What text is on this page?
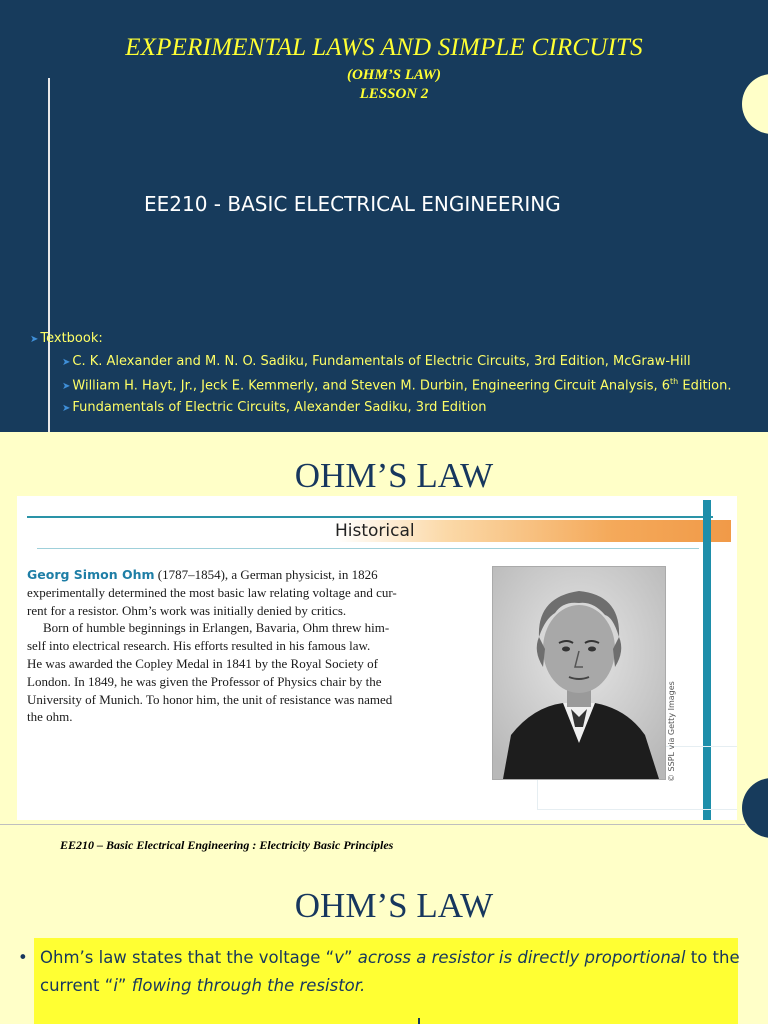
EXPERIMENTAL LAWS AND SIMPLE CIRCUITS
(OHM’S LAW)
LESSON 2
EE210 - BASIC ELECTRICAL ENGINEERING
➤ Textbook:
➤ C. K. Alexander and M. N. O. Sadiku, Fundamentals of Electric Circuits, 3rd Edition, McGraw-Hill
➤ William H. Hayt, Jr., Jeck E. Kemmerly, and Steven M. Durbin, Engineering Circuit Analysis, 6th Edition.
➤ Fundamentals of Electric Circuits, Alexander Sadiku, 3rd Edition
OHM’S LAW
Historical

Georg Simon Ohm (1787–1854), a German physicist, in 1826

experimentally determined the most basic law relating voltage and cur-

rent for a resistor. Ohm’s work was initially denied by critics.

Born of humble beginnings in Erlangen, Bavaria, Ohm threw him-

self into electrical research. His efforts resulted in his famous law.

He was awarded the Copley Medal in 1841 by the Royal Society of

London. In 1849, he was given the Professor of Physics chair by the

University of Munich. To honor him, the unit of resistance was named

the ohm.	© SSPL via Getty Images
EE210 – Basic Electrical Engineering : Electricity Basic Principles
OHM’S LAW
• Ohm’s law states that the voltage “v” across a resistor is directly proportional to the current “i” flowing through the resistor.
